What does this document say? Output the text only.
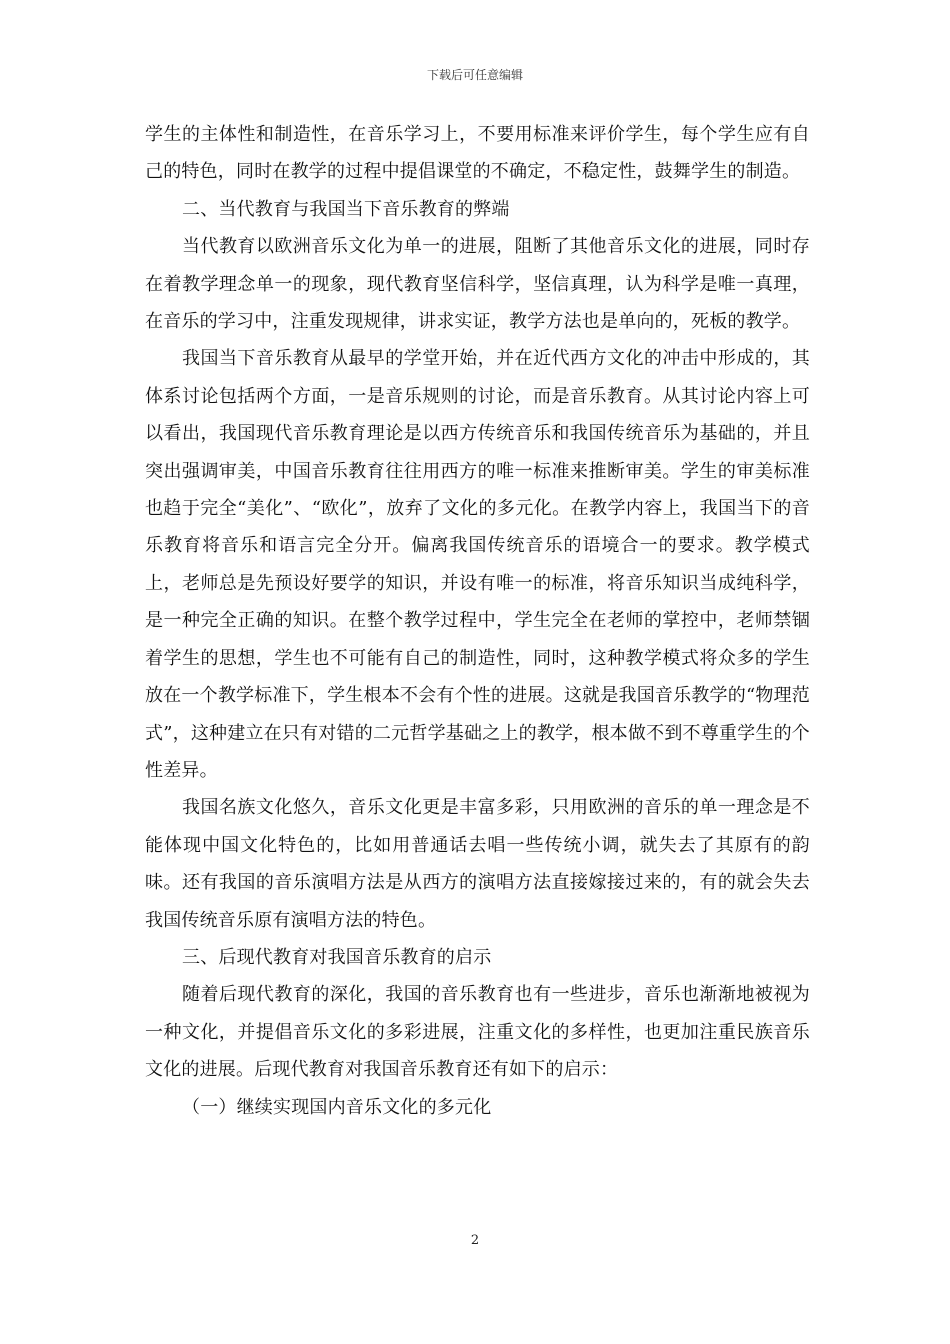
下载后可任意编辑

学生的主体性和制造性，在音乐学习上，不要用标准来评价学生，每个学生应有自己的特色，同时在教学的过程中提倡课堂的不确定，不稳定性，鼓舞学生的制造。

二、当代教育与我国当下音乐教育的弊端

当代教育以欧洲音乐文化为单一的进展，阻断了其他音乐文化的进展，同时存在着教学理念单一的现象，现代教育坚信科学，坚信真理，认为科学是唯一真理，在音乐的学习中，注重发现规律，讲求实证，教学方法也是单向的，死板的教学。

我国当下音乐教育从最早的学堂开始，并在近代西方文化的冲击中形成的，其体系讨论包括两个方面，一是音乐规则的讨论，而是音乐教育。从其讨论内容上可以看出，我国现代音乐教育理论是以西方传统音乐和我国传统音乐为基础的，并且突出强调审美，中国音乐教育往往用西方的唯一标准来推断审美。学生的审美标准也趋于完全“美化”、“欧化”，放弃了文化的多元化。在教学内容上，我国当下的音乐教育将音乐和语言完全分开。偏离我国传统音乐的语境合一的要求。教学模式上，老师总是先预设好要学的知识，并设有唯一的标准，将音乐知识当成纯科学，是一种完全正确的知识。在整个教学过程中，学生完全在老师的掌控中，老师禁锢着学生的思想，学生也不可能有自己的制造性，同时，这种教学模式将众多的学生放在一个教学标准下，学生根本不会有个性的进展。这就是我国音乐教学的“物理范式”，这种建立在只有对错的二元哲学基础之上的教学，根本做不到不尊重学生的个性差异。

我国名族文化悠久，音乐文化更是丰富多彩，只用欧洲的音乐的单一理念是不能体现中国文化特色的，比如用普通话去唱一些传统小调，就失去了其原有的韵味。还有我国的音乐演唱方法是从西方的演唱方法直接嫁接过来的，有的就会失去我国传统音乐原有演唱方法的特色。

三、后现代教育对我国音乐教育的启示

随着后现代教育的深化，我国的音乐教育也有一些进步，音乐也渐渐地被视为一种文化，并提倡音乐文化的多彩进展，注重文化的多样性，也更加注重民族音乐文化的进展。后现代教育对我国音乐教育还有如下的启示：

（一）继续实现国内音乐文化的多元化

2
